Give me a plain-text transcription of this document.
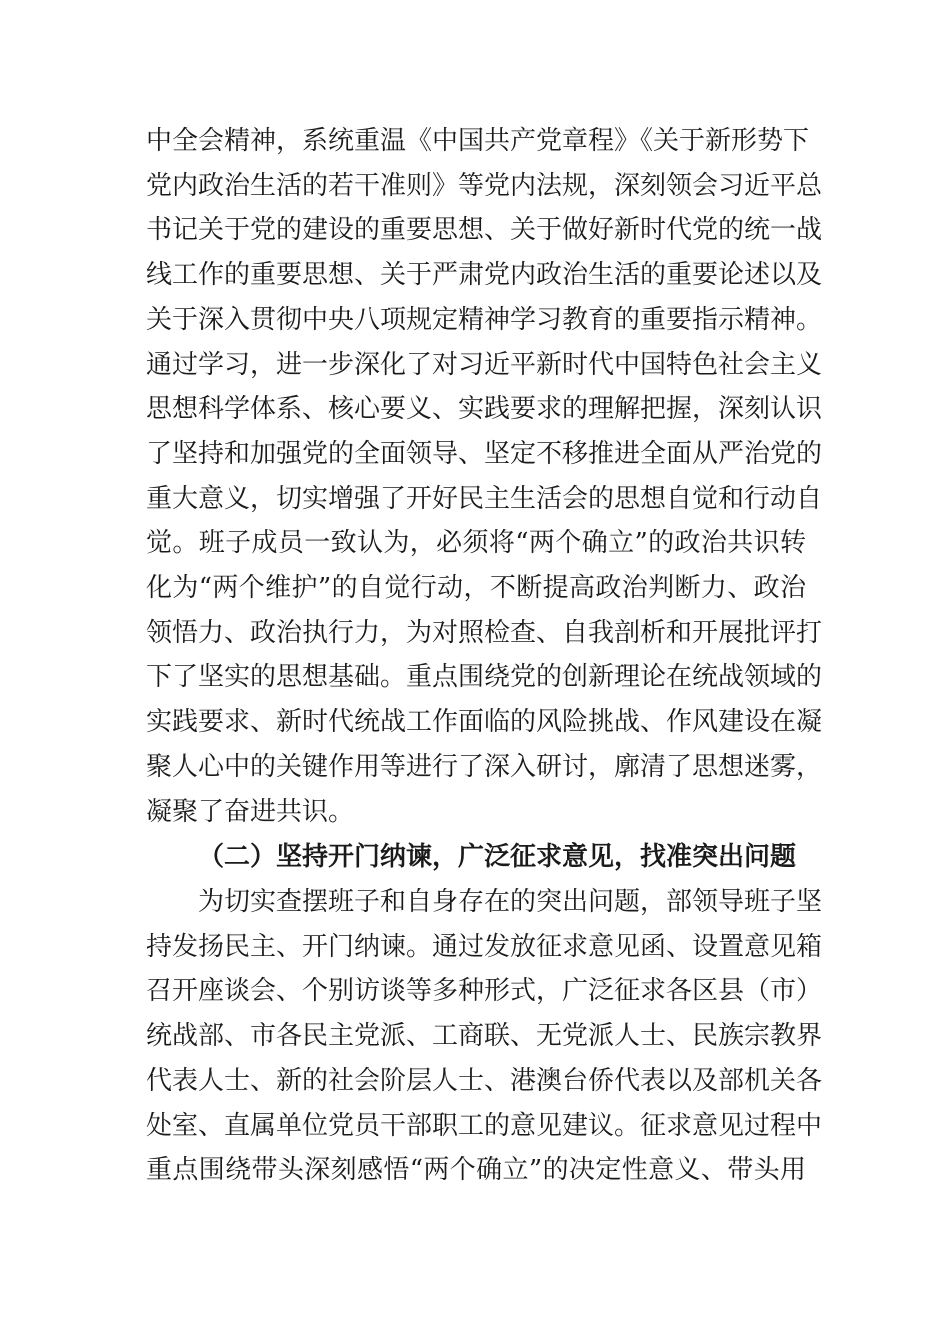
中全会精神，系统重温《中国共产党章程》《关于新形势下
党内政治生活的若干准则》等党内法规，深刻领会习近平总
书记关于党的建设的重要思想、关于做好新时代党的统一战
线工作的重要思想、关于严肃党内政治生活的重要论述以及
关于深入贯彻中央八项规定精神学习教育的重要指示精神。
通过学习，进一步深化了对习近平新时代中国特色社会主义
思想科学体系、核心要义、实践要求的理解把握，深刻认识
了坚持和加强党的全面领导、坚定不移推进全面从严治党的
重大意义，切实增强了开好民主生活会的思想自觉和行动自
觉。班子成员一致认为，必须将“两个确立”的政治共识转
化为“两个维护”的自觉行动，不断提高政治判断力、政治
领悟力、政治执行力，为对照检查、自我剖析和开展批评打
下了坚实的思想基础。重点围绕党的创新理论在统战领域的
实践要求、新时代统战工作面临的风险挑战、作风建设在凝
聚人心中的关键作用等进行了深入研讨，廓清了思想迷雾，
凝聚了奋进共识。
（二）坚持开门纳谏，广泛征求意见，找准突出问题
为切实查摆班子和自身存在的突出问题，部领导班子坚
持发扬民主、开门纳谏。通过发放征求意见函、设置意见箱
召开座谈会、个别访谈等多种形式，广泛征求各区县（市）
统战部、市各民主党派、工商联、无党派人士、民族宗教界
代表人士、新的社会阶层人士、港澳台侨代表以及部机关各
处室、直属单位党员干部职工的意见建议。征求意见过程中
重点围绕带头深刻感悟“两个确立”的决定性意义、带头用
